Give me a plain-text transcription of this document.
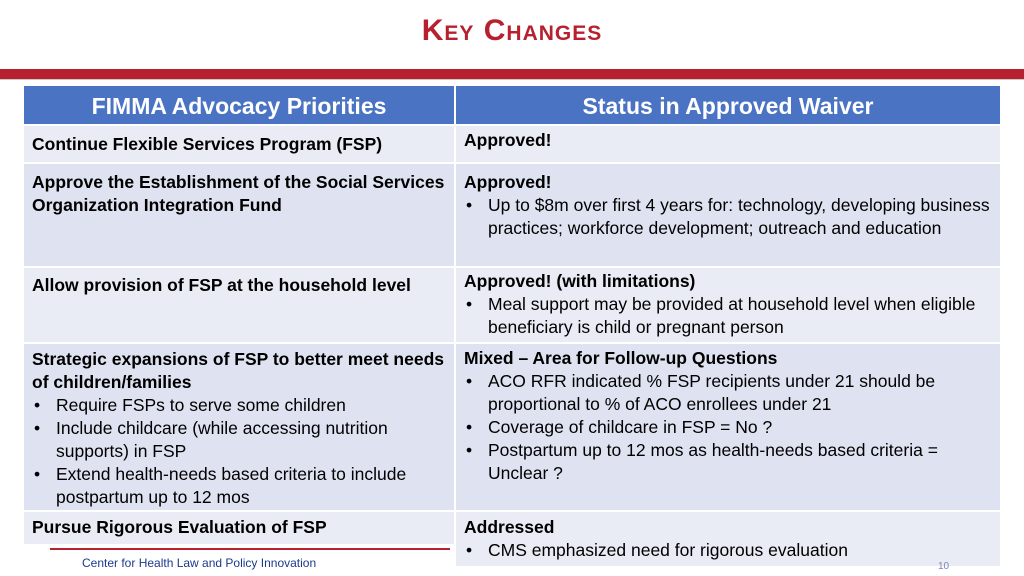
Key Changes
FIMMA Advocacy Priorities
Continue Flexible Services Program (FSP)
Approve the Establishment of the Social Services Organization Integration Fund
Allow provision of FSP at the household level
Strategic expansions of FSP to better meet needs of children/families
• Require FSPs to serve some children
• Include childcare (while accessing nutrition supports) in FSP
• Extend health-needs based criteria to include postpartum up to 12 mos
Pursue Rigorous Evaluation of FSP
Status in Approved Waiver
Approved!
Approved!
• Up to $8m over first 4 years for: technology, developing business practices; workforce development; outreach and education
Approved! (with limitations)
• Meal support may be provided at household level when eligible beneficiary is child or pregnant person
Mixed – Area for Follow-up Questions
• ACO RFR indicated % FSP recipients under 21 should be proportional to % of ACO enrollees under 21
• Coverage of childcare in FSP = No ?
• Postpartum up to 12 mos as health-needs based criteria = Unclear ?
Addressed
• CMS emphasized need for rigorous evaluation
Center for Health Law and Policy Innovation	10
